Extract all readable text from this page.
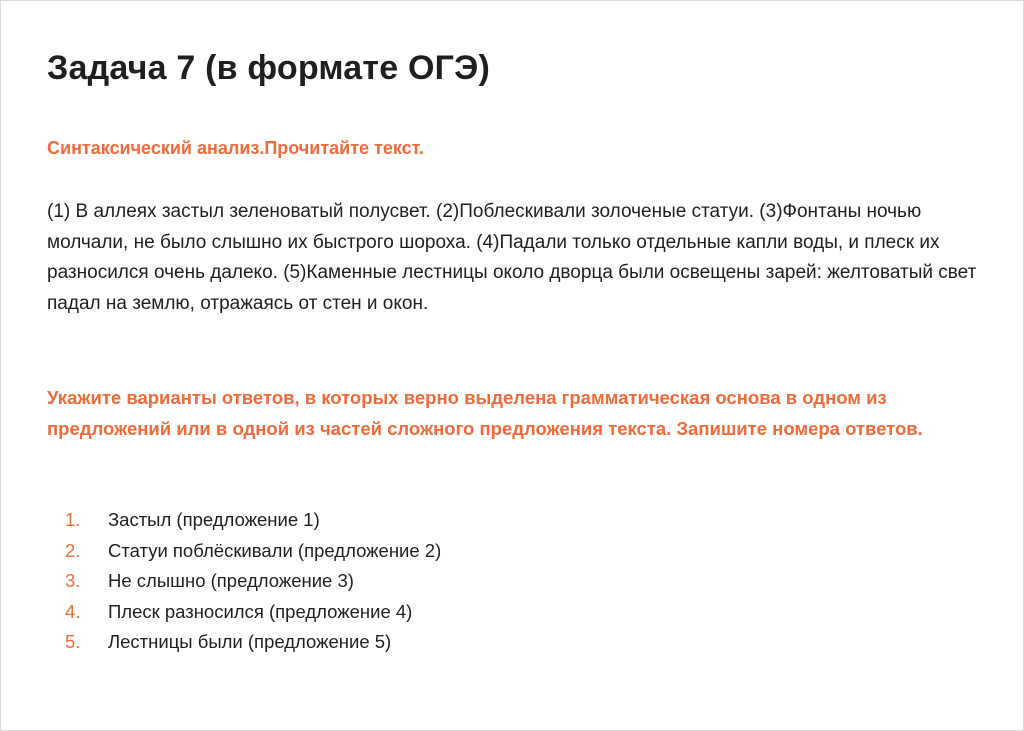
Задача 7 (в формате ОГЭ)

Синтаксический анализ.Прочитайте текст.

(1) В аллеях застыл зеленоватый полусвет. (2)Поблескивали золоченые статуи. (3)Фонтаны ночью молчали, не было слышно их быстрого шороха. (4)Падали только отдельные капли воды, и плеск их разносился очень далеко. (5)Каменные лестницы около дворца были освещены зарей: желтоватый свет падал на землю, отражаясь от стен и окон.

Укажите варианты ответов, в которых верно выделена грамматическая основа в одном из предложений или в одной из частей сложного предложения текста. Запишите номера ответов.

1.	Застыл (предложение 1)
2.	Статуи поблёскивали (предложение 2)
3.	Не слышно (предложение 3)
4.	Плеск разносился (предложение 4)
5.	Лестницы были (предложение 5)
